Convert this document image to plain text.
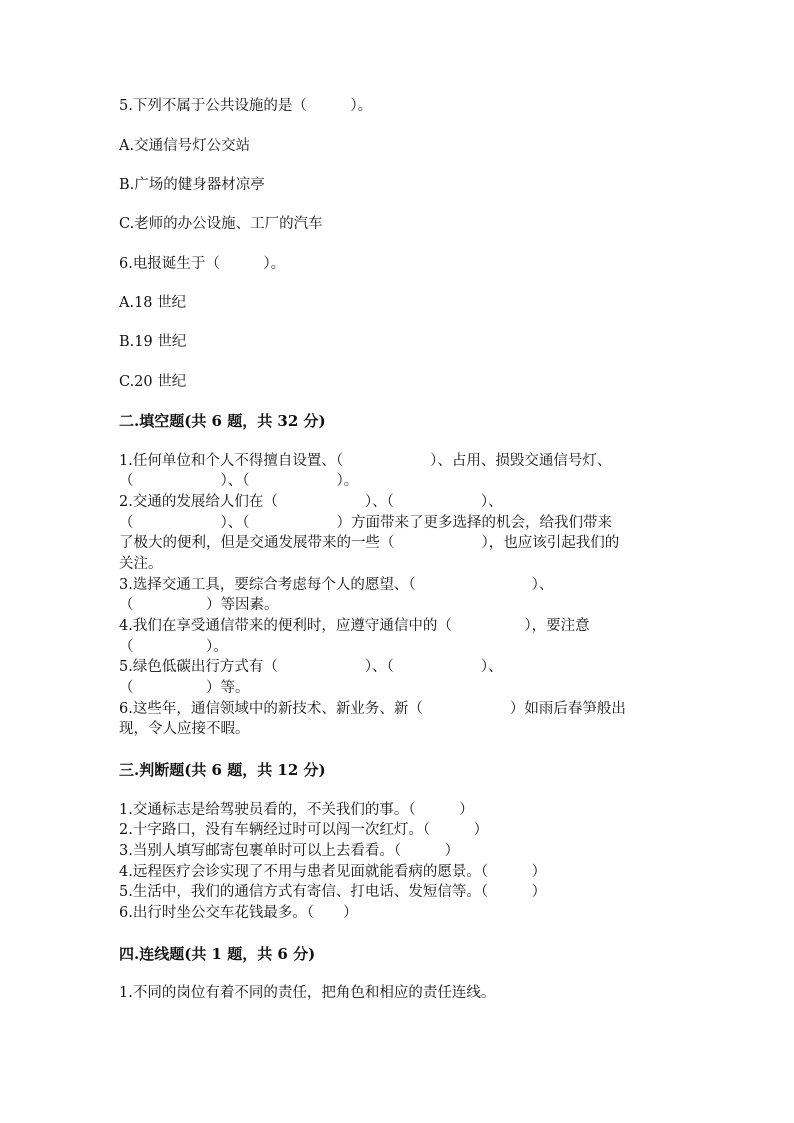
5.下列不属于公共设施的是（　　　）。
A.交通信号灯公交站
B.广场的健身器材凉亭
C.老师的办公设施、工厂的汽车
6.电报诞生于（　　　）。
A.18 世纪
B.19 世纪
C.20 世纪
二.填空题(共 6 题，共 32 分)
1.任何单位和个人不得擅自设置、（　　　　　　）、占用、损毁交通信号灯、
（　　　　　　）、（　　　　　　）。
2.交通的发展给人们在（　　　　　　）、（　　　　　　）、
（　　　　　　）、（　　　　　　）方面带来了更多选择的机会，给我们带来
了极大的便利，但是交通发展带来的一些（　　　　　　），也应该引起我们的
关注。
3.选择交通工具，要综合考虑每个人的愿望、（　　　　　　　　）、
（　　　　　）等因素。
4.我们在享受通信带来的便利时，应遵守通信中的（　　　　　），要注意
（　　　　　）。
5.绿色低碳出行方式有（　　　　　　）、（　　　　　　）、
（　　　　　）等。
6.这些年，通信领域中的新技术、新业务、新（　　　　　　）如雨后春笋般出
现，令人应接不暇。
三.判断题(共 6 题，共 12 分)
1.交通标志是给驾驶员看的，不关我们的事。（　　　）
2.十字路口，没有车辆经过时可以闯一次红灯。（　　　）
3.当别人填写邮寄包裹单时可以上去看看。（　　　）
4.远程医疗会诊实现了不用与患者见面就能看病的愿景。（　　　）
5.生活中，我们的通信方式有寄信、打电话、发短信等。（　　　）
6.出行时坐公交车花钱最多。（　　）
四.连线题(共 1 题，共 6 分)
1.不同的岗位有着不同的责任，把角色和相应的责任连线。
